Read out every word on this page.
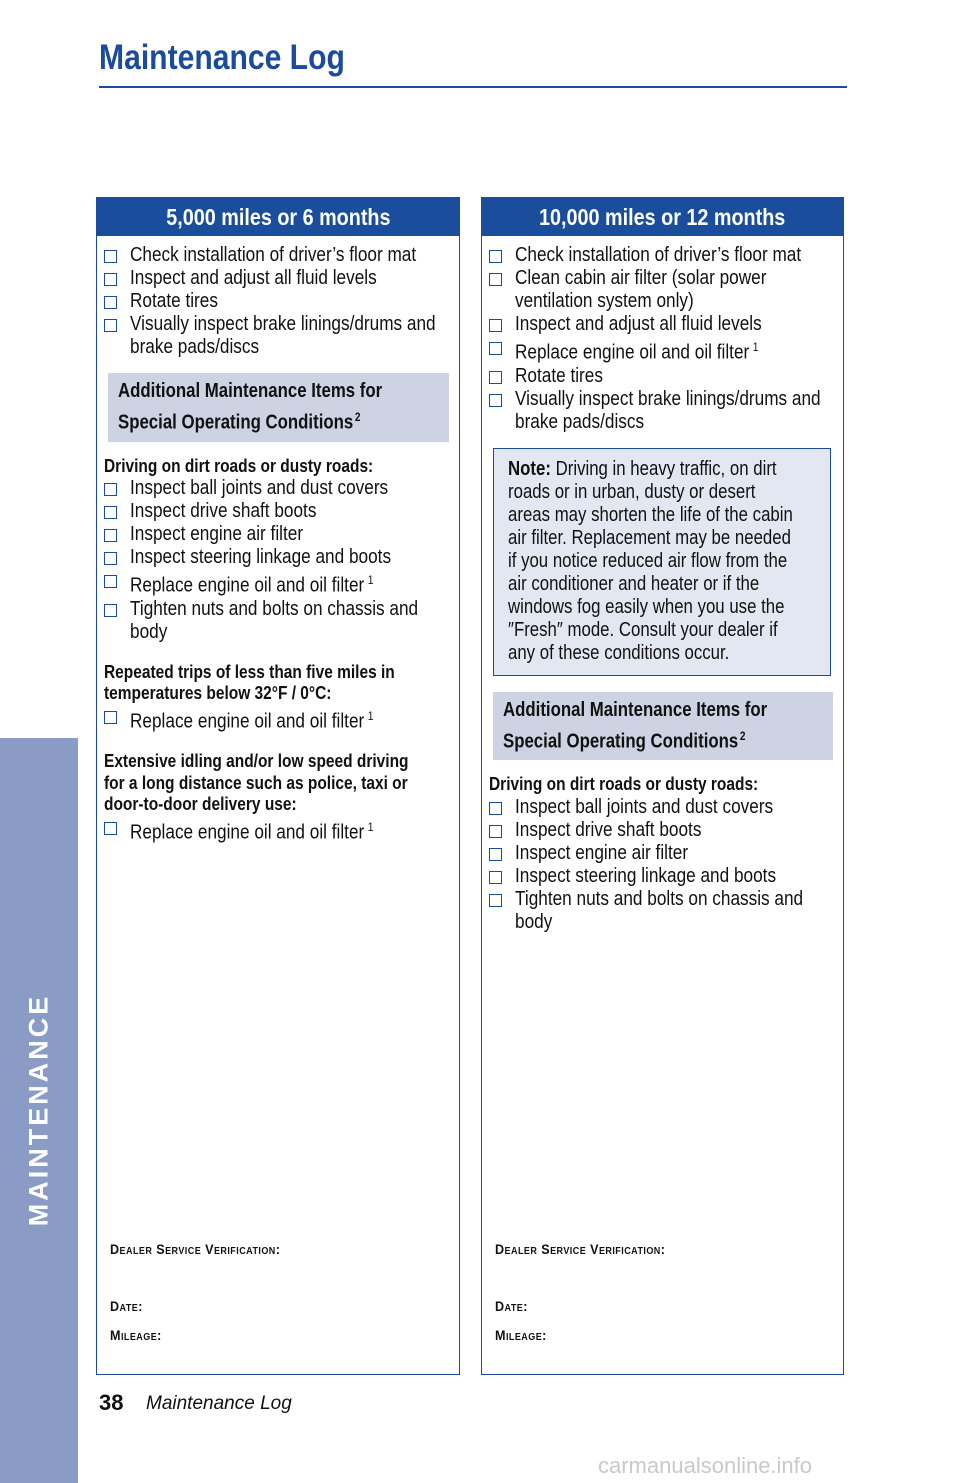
MAINTENANCE
Maintenance Log
5,000 miles or 6 months
Check installation of driver’s floor mat
Inspect and adjust all fluid levels
Rotate tires
Visually inspect brake linings/drums and
brake pads/discs
Additional Maintenance Items for
Special Operating Conditions $^2$
Driving on dirt roads or dusty roads:
Inspect ball joints and dust covers
Inspect drive shaft boots
Inspect engine air filter
Inspect steering linkage and boots
Replace engine oil and oil filter $^1$
Tighten nuts and bolts on chassis and
body
Repeated trips of less than five miles in
temperatures below 32°F / 0°C:
Replace engine oil and oil filter $^1$
Extensive idling and/or low speed driving
for a long distance such as police, taxi or
door-to-door delivery use:
Replace engine oil and oil filter $^1$
Dealer Service Verification:
Date:
Mileage:
10,000 miles or 12 months
Check installation of driver’s floor mat
Clean cabin air filter (solar power
ventilation system only)
Inspect and adjust all fluid levels
Replace engine oil and oil filter $^1$
Rotate tires
Visually inspect brake linings/drums and
brake pads/discs
Note: Driving in heavy traffic, on dirt
roads or in urban, dusty or desert
areas may shorten the life of the cabin
air filter. Replacement may be needed
if you notice reduced air flow from the
air conditioner and heater or if the
windows fog easily when you use the
″Fresh″ mode. Consult your dealer if
any of these conditions occur.
Additional Maintenance Items for
Special Operating Conditions $^2$
Driving on dirt roads or dusty roads:
Inspect ball joints and dust covers
Inspect drive shaft boots
Inspect engine air filter
Inspect steering linkage and boots
Tighten nuts and bolts on chassis and
body
Dealer Service Verification:
Date:
Mileage:
38 Maintenance Log
carmanualsonline.info
